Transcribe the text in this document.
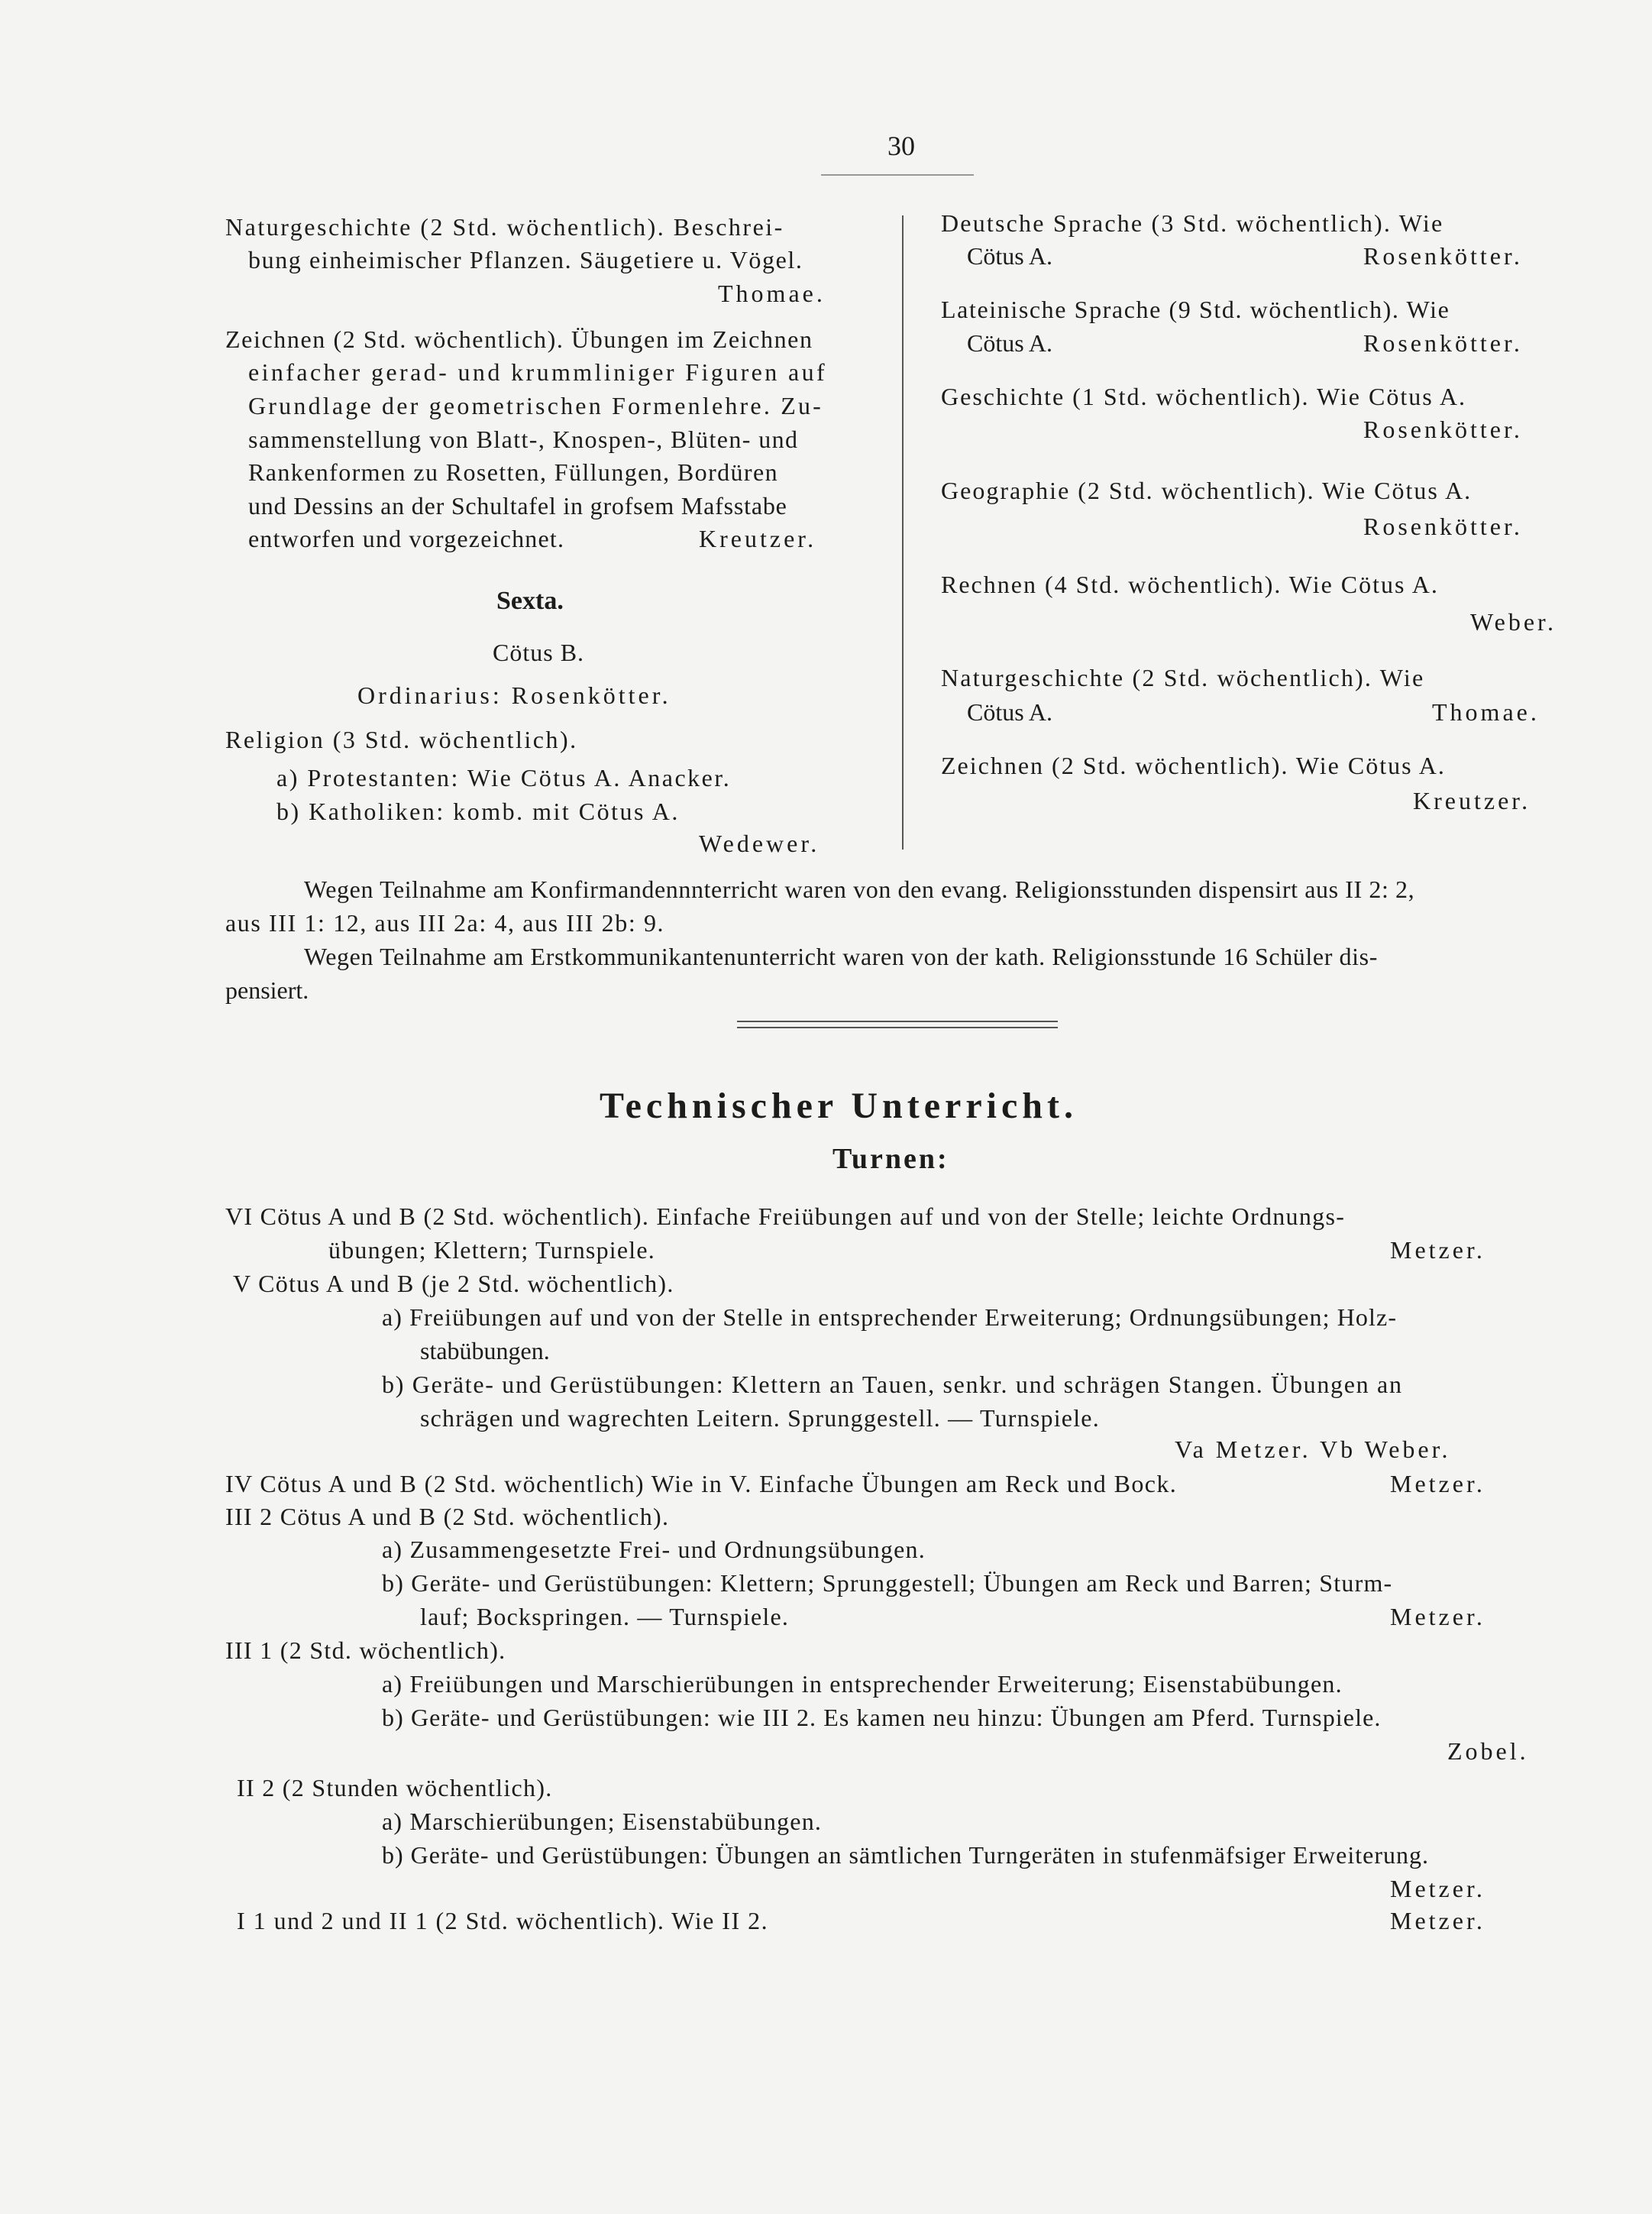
30
Naturgeschichte (2 Std. wöchentlich). Beschrei-
bung einheimischer Pflanzen. Säugetiere u. Vögel.
Thomae.
Zeichnen (2 Std. wöchentlich). Übungen im Zeichnen
einfacher gerad- und krummliniger Figuren auf
Grundlage der geometrischen Formenlehre. Zu-
sammenstellung von Blatt-, Knospen-, Blüten- und
Rankenformen zu Rosetten, Füllungen, Bordüren
und Dessins an der Schultafel in grofsem Mafsstabe
entworfen und vorgezeichnet.	Kreutzer.
Sexta.
Cötus B.
Ordinarius: Rosenkötter.
Religion (3 Std. wöchentlich).
a) Protestanten: Wie Cötus A. Anacker.
b) Katholiken: komb. mit Cötus A.
Wedewer.
Deutsche Sprache (3 Std. wöchentlich). Wie
Cötus A.	Rosenkötter.
Lateinische Sprache (9 Std. wöchentlich). Wie
Cötus A.	Rosenkötter.
Geschichte (1 Std. wöchentlich). Wie Cötus A.
Rosenkötter.
Geographie (2 Std. wöchentlich). Wie Cötus A.
Rosenkötter.
Rechnen (4 Std. wöchentlich). Wie Cötus A.
Weber.
Naturgeschichte (2 Std. wöchentlich). Wie
Cötus A.	Thomae.
Zeichnen (2 Std. wöchentlich). Wie Cötus A.
Kreutzer.
Wegen Teilnahme am Konfirmandennnterricht waren von den evang. Religionsstunden dispensirt aus II 2: 2,
aus III 1: 12, aus III 2a: 4, aus III 2b: 9.
Wegen Teilnahme am Erstkommunikantenunterricht waren von der kath. Religionsstunde 16 Schüler dis-
pensiert.
Technischer Unterricht.
Turnen:
VI Cötus A und B (2 Std. wöchentlich). Einfache Freiübungen auf und von der Stelle; leichte Ordnungs-
übungen; Klettern; Turnspiele.	Metzer.
V Cötus A und B (je 2 Std. wöchentlich).
a) Freiübungen auf und von der Stelle in entsprechender Erweiterung; Ordnungsübungen; Holz-
stabübungen.
b) Geräte- und Gerüstübungen: Klettern an Tauen, senkr. und schrägen Stangen. Übungen an
schrägen und wagrechten Leitern. Sprunggestell. — Turnspiele.
Va Metzer. Vb Weber.
IV Cötus A und B (2 Std. wöchentlich) Wie in V. Einfache Übungen am Reck und Bock.	Metzer.
III 2 Cötus A und B (2 Std. wöchentlich).
a) Zusammengesetzte Frei- und Ordnungsübungen.
b) Geräte- und Gerüstübungen: Klettern; Sprunggestell; Übungen am Reck und Barren; Sturm-
lauf; Bockspringen. — Turnspiele.	Metzer.
III 1 (2 Std. wöchentlich).
a) Freiübungen und Marschierübungen in entsprechender Erweiterung; Eisenstabübungen.
b) Geräte- und Gerüstübungen: wie III 2. Es kamen neu hinzu: Übungen am Pferd. Turnspiele.
Zobel.
II 2 (2 Stunden wöchentlich).
a) Marschierübungen; Eisenstabübungen.
b) Geräte- und Gerüstübungen: Übungen an sämtlichen Turngeräten in stufenmäfsiger Erweiterung.
Metzer.
I 1 und 2 und II 1 (2 Std. wöchentlich). Wie II 2.	Metzer.
